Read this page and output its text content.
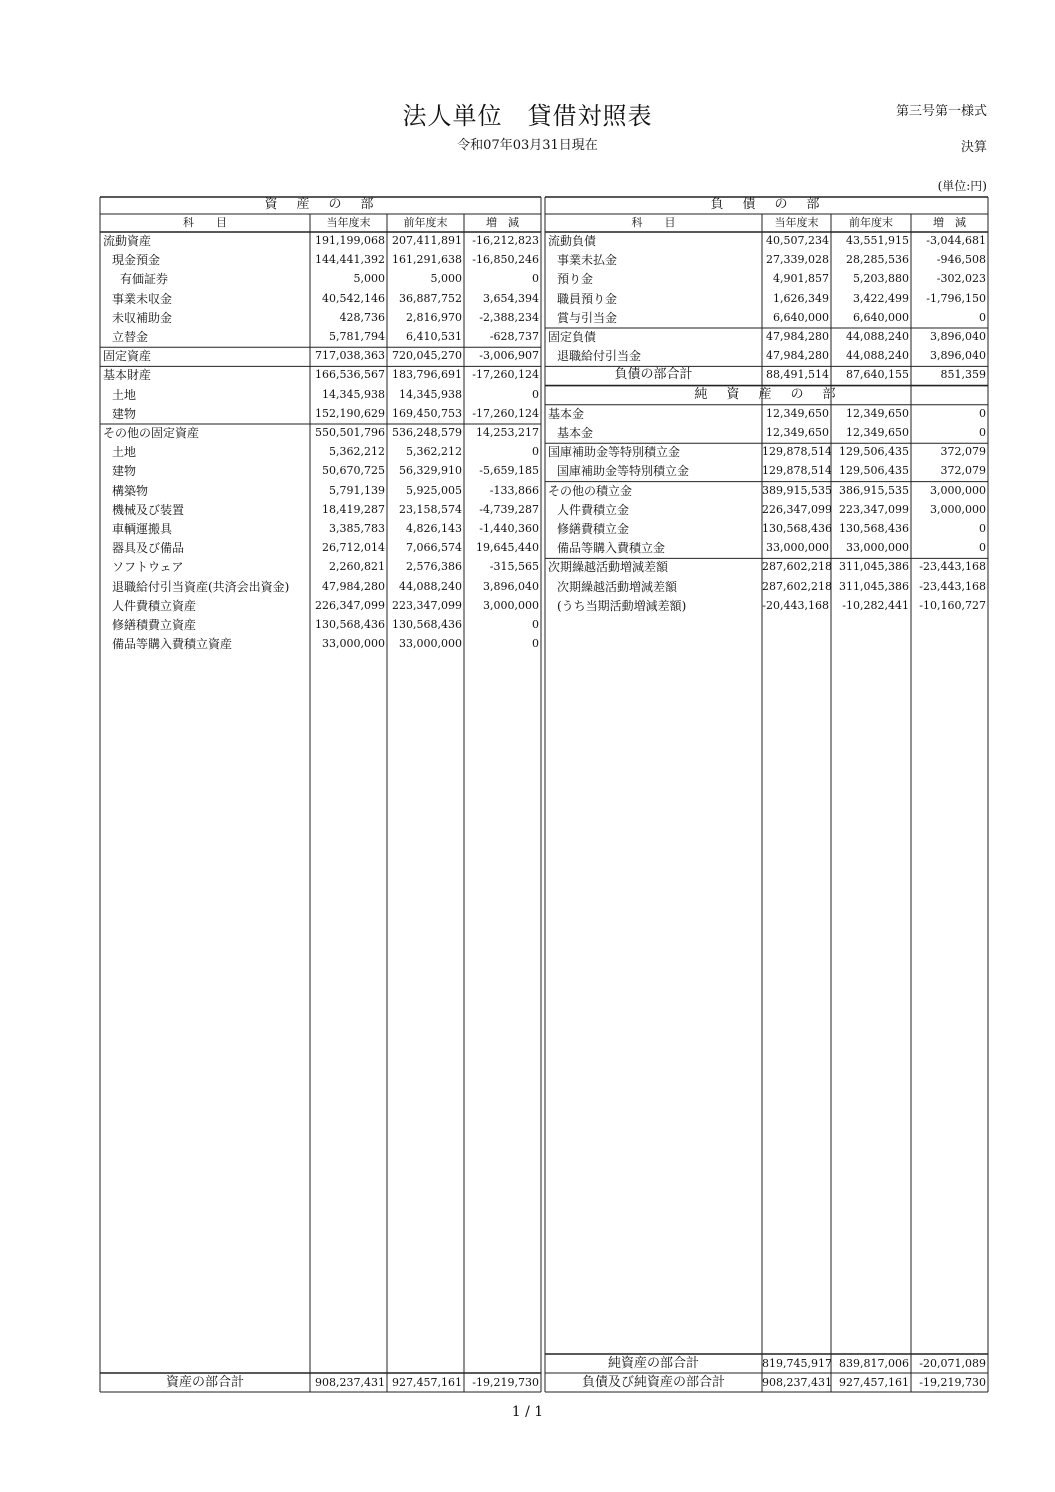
法人単位　貸借対照表
令和07年03月31日現在
第三号第一様式
決算
(単位:円)
資　産　の　部
科　　目	当年度末	前年度末	増　減
負　債　の　部
科　　目	当年度末	前年度末	増　減
流動資産	191,199,068 207,411,891 -16,212,823
現金預金	144,441,392 161,291,638 -16,850,246
有価証券	5,000	5,000	0
事業未収金	40,542,146	36,887,752	3,654,394
未収補助金	428,736	2,816,970	-2,388,234
立替金	5,781,794	6,410,531	-628,737
固定資産	717,038,363 720,045,270	-3,006,907
基本財産	166,536,567 183,796,691 -17,260,124
土地	14,345,938	14,345,938	0
建物	152,190,629 169,450,753 -17,260,124
その他の固定資産	550,501,796 536,248,579	14,253,217
土地	5,362,212	5,362,212	0
建物	50,670,725	56,329,910	-5,659,185
構築物	5,791,139	5,925,005	-133,866
機械及び装置	18,419,287	23,158,574	-4,739,287
車輌運搬具	3,385,783	4,826,143	-1,440,360
器具及び備品	26,712,014	7,066,574	19,645,440
ソフトウェア	2,260,821	2,576,386	-315,565
退職給付引当資産(共済会出資金)	47,984,280	44,088,240	3,896,040
人件費積立資産	226,347,099 223,347,099	3,000,000
修繕積費立資産	130,568,436 130,568,436	0
備品等購入費積立資産	33,000,000	33,000,000	0
資産の部合計	908,237,431 927,457,161 -19,219,730
流動負債	40,507,234	43,551,915	-3,044,681
事業未払金	27,339,028	28,285,536	-946,508
預り金	4,901,857	5,203,880	-302,023
職員預り金	1,626,349	3,422,499	-1,796,150
賞与引当金	6,640,000	6,640,000	0
固定負債	47,984,280	44,088,240	3,896,040
退職給付引当金	47,984,280	44,088,240	3,896,040
負債の部合計	88,491,514	87,640,155	851,359
純　資　産　の　部
基本金	12,349,650	12,349,650	0
基本金	12,349,650	12,349,650	0
国庫補助金等特別積立金	129,878,514 129,506,435	372,079
国庫補助金等特別積立金	129,878,514 129,506,435	372,079
その他の積立金	389,915,535 386,915,535	3,000,000
人件費積立金	226,347,099 223,347,099	3,000,000
修繕費積立金	130,568,436 130,568,436	0
備品等購入費積立金	33,000,000	33,000,000	0
次期繰越活動増減差額	287,602,218 311,045,386 -23,443,168
次期繰越活動増減差額	287,602,218 311,045,386 -23,443,168
(うち当期活動増減差額)	-20,443,168	-10,282,441 -10,160,727
純資産の部合計	819,745,917 839,817,006 -20,071,089
負債及び純資産の部合計	908,237,431 927,457,161 -19,219,730
1 / 1
